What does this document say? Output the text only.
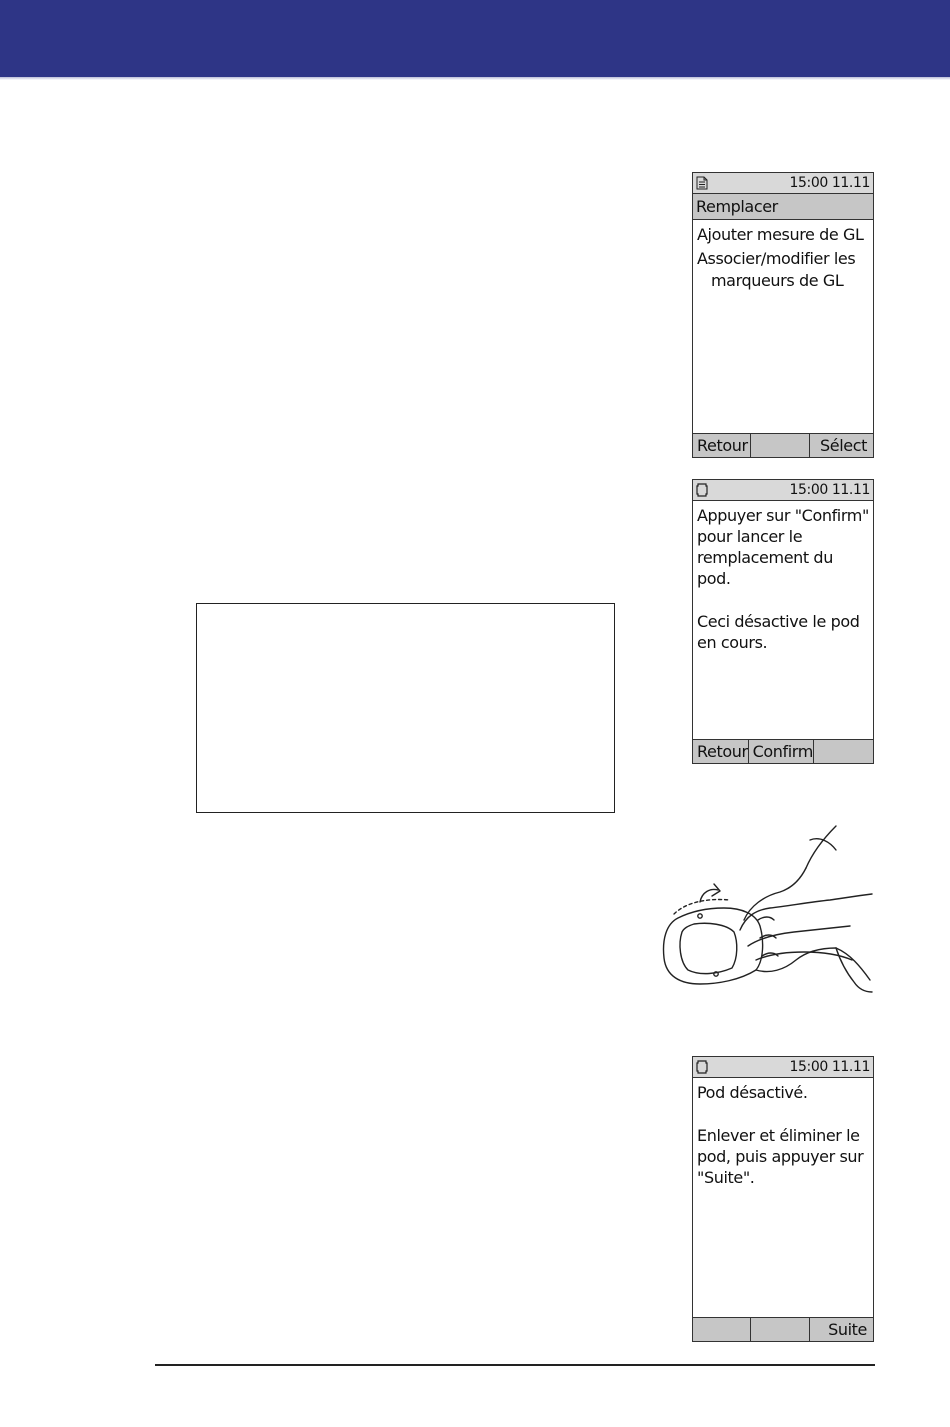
15:00 11.11
Remplacer
Ajouter mesure de GL
Associer/modifier les
marqueurs de GL
Retour	Sélect
15:00 11.11

Appuyer sur "Confirm" pour lancer le remplacement du pod.

Ceci désactive le pod en cours.

Retour Confirm
15:00 11.11

Pod désactivé.

Enlever et éliminer le pod, puis appuyer sur "Suite".

Suite
